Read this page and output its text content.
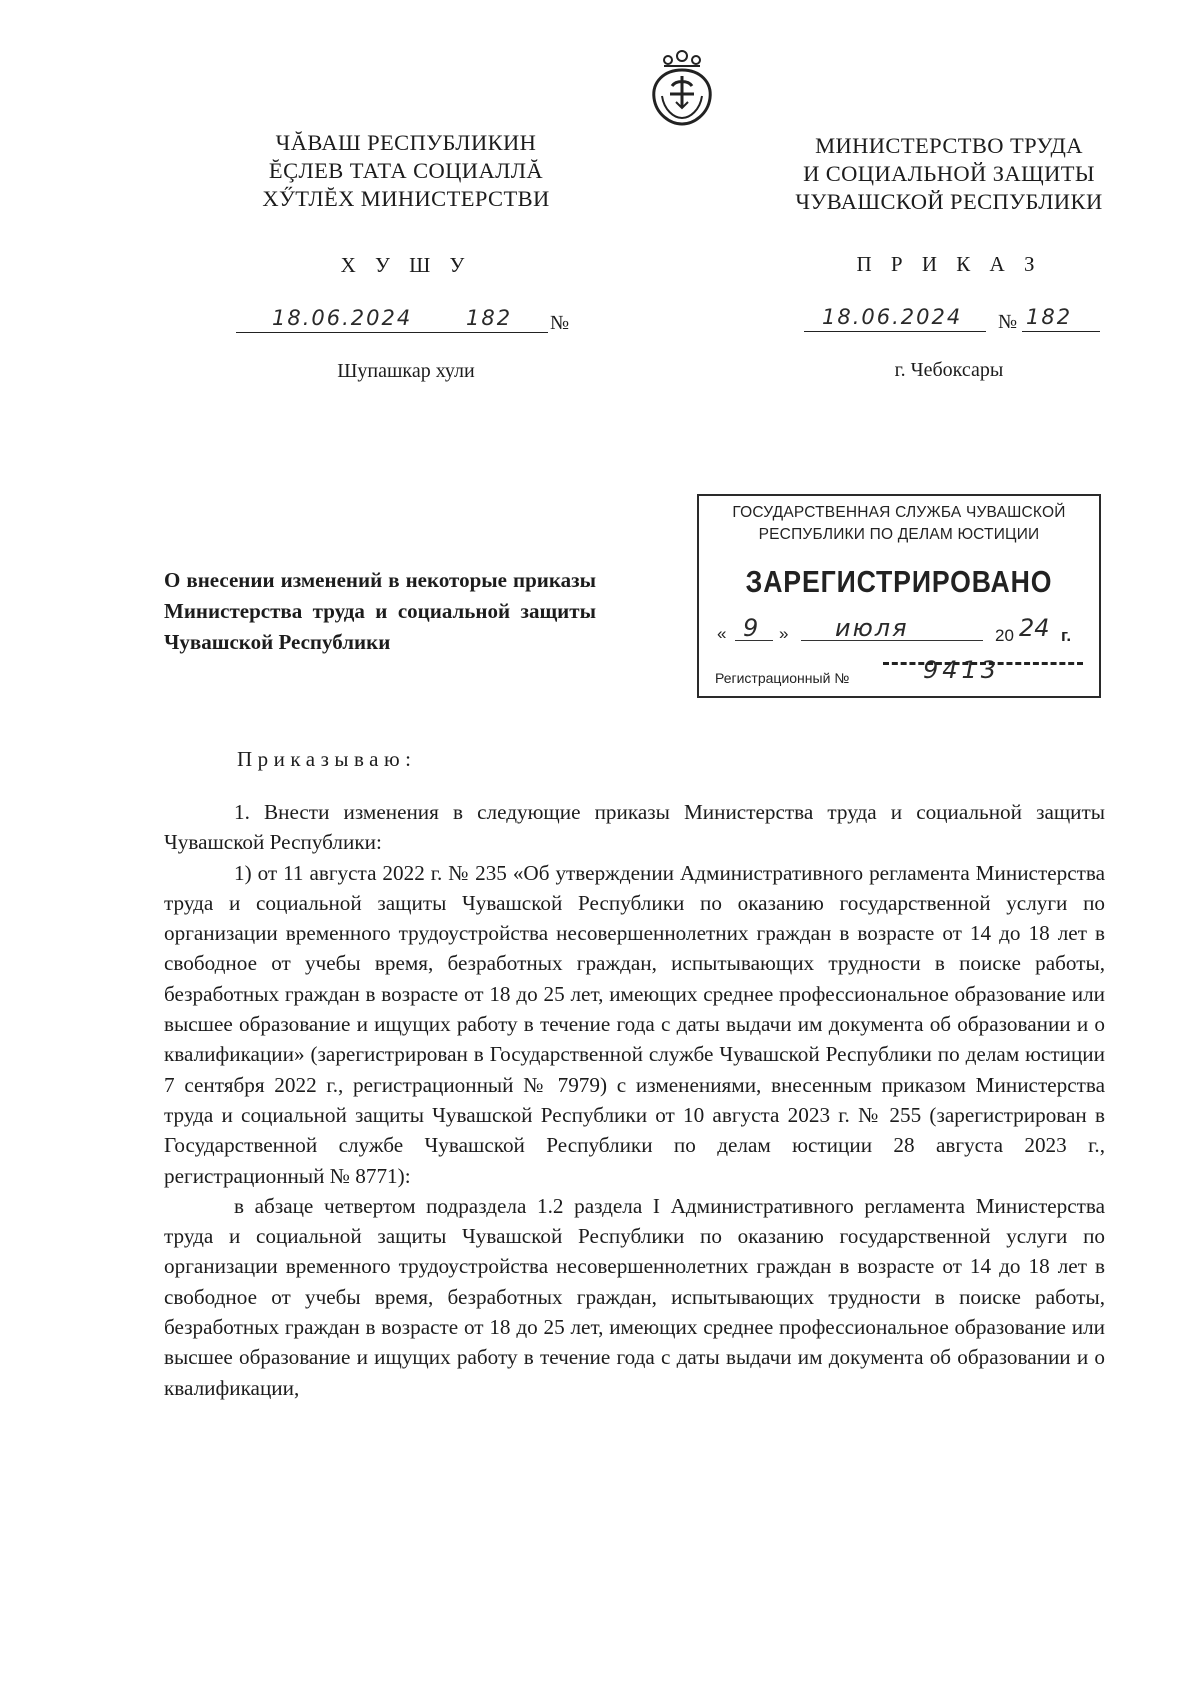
ЧĂВАШ РЕСПУБЛИКИН
ĔÇЛЕВ ТАТА СОЦИАЛЛĂ
ХӲТЛĔХ МИНИСТЕРСТВИ
Х У Ш У
18.06.2024	182 №
Шупашкар хули
МИНИСТЕРСТВО ТРУДА
И СОЦИАЛЬНОЙ ЗАЩИТЫ
ЧУВАШСКОЙ РЕСПУБЛИКИ
П Р И К А З
18.06.2024 № 182
г. Чебоксары
ГОСУДАРСТВЕННАЯ СЛУЖБА ЧУВАШСКОЙ
РЕСПУБЛИКИ ПО ДЕЛАМ ЮСТИЦИИ
ЗАРЕГИСТРИРОВАНО
« 9 » июля	20 24 г.
Регистрационный №	9413
О внесении изменений в некоторые приказы Министерства труда и социальной защиты Чувашской Республики
Приказываю:

1. Внести изменения в следующие приказы Министерства труда и социальной защиты Чувашской Республики:

1) от 11 августа 2022 г. № 235 «Об утверждении Административного регламента Министерства труда и социальной защиты Чувашской Республики по оказанию государственной услуги по организации временного трудоустройства несовершеннолетних граждан в возрасте от 14 до 18 лет в свободное от учебы время, безработных граждан, испытывающих трудности в поиске работы, безработных граждан в возрасте от 18 до 25 лет, имеющих среднее профессиональное образование или высшее образование и ищущих работу в течение года с даты выдачи им документа об образовании и о квалификации» (зарегистрирован в Государственной службе Чувашской Республики по делам юстиции 7 сентября 2022 г., регистрационный № 7979) с изменениями, внесенным приказом Министерства труда и социальной защиты Чувашской Республики от 10 августа 2023 г. № 255 (зарегистрирован в Государственной службе Чувашской Республики по делам юстиции 28 августа 2023 г., регистрационный № 8771):

в абзаце четвертом подраздела 1.2 раздела I Административного регламента Министерства труда и социальной защиты Чувашской Республики по оказанию государственной услуги по организации временного трудоустройства несовершеннолетних граждан в возрасте от 14 до 18 лет в свободное от учебы время, безработных граждан, испытывающих трудности в поиске работы, безработных граждан в возрасте от 18 до 25 лет, имеющих среднее профессиональное образование или высшее образование и ищущих работу в течение года с даты выдачи им документа об образовании и о квалификации,
